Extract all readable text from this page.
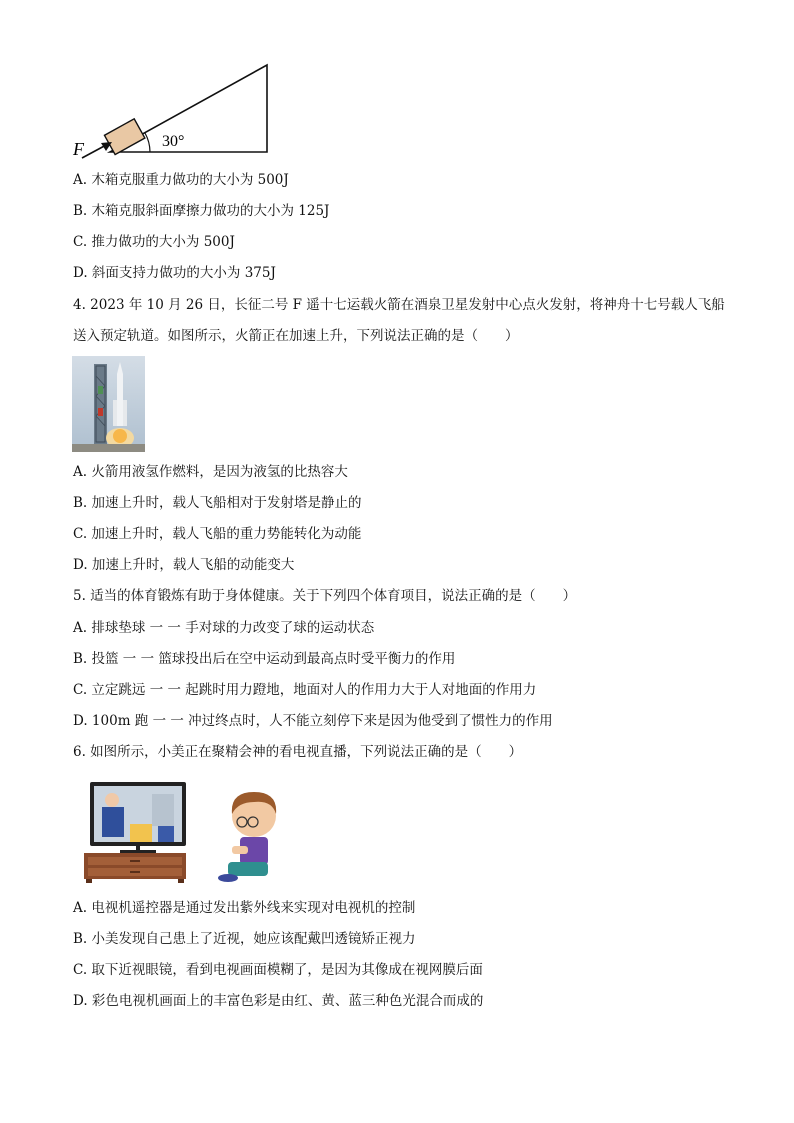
30°
F
A. 木箱克服重力做功的大小为 500J
B. 木箱克服斜面摩擦力做功的大小为 125J
C. 推力做功的大小为 500J
D. 斜面支持力做功的大小为 375J
4. 2023 年 10 月 26 日，长征二号 F 遥十七运载火箭在酒泉卫星发射中心点火发射，将神舟十七号载人飞船
送入预定轨道。如图所示，火箭正在加速上升，下列说法正确的是（　　）
A. 火箭用液氢作燃料，是因为液氢的比热容大
B. 加速上升时，载人飞船相对于发射塔是静止的
C. 加速上升时，载人飞船的重力势能转化为动能
D. 加速上升时，载人飞船的动能变大
5. 适当的体育锻炼有助于身体健康。关于下列四个体育项目，说法正确的是（　　）
A. 排球垫球 一 一 手对球的力改变了球的运动状态
B. 投篮 一 一 篮球投出后在空中运动到最高点时受平衡力的作用
C. 立定跳远 一 一 起跳时用力蹬地，地面对人的作用力大于人对地面的作用力
D. 100m 跑 一 一 冲过终点时，人不能立刻停下来是因为他受到了惯性力的作用
6. 如图所示，小美正在聚精会神的看电视直播，下列说法正确的是（　　）
A. 电视机遥控器是通过发出紫外线来实现对电视机的控制
B. 小美发现自己患上了近视，她应该配戴凹透镜矫正视力
C. 取下近视眼镜，看到电视画面模糊了，是因为其像成在视网膜后面
D. 彩色电视机画面上的丰富色彩是由红、黄、蓝三种色光混合而成的
